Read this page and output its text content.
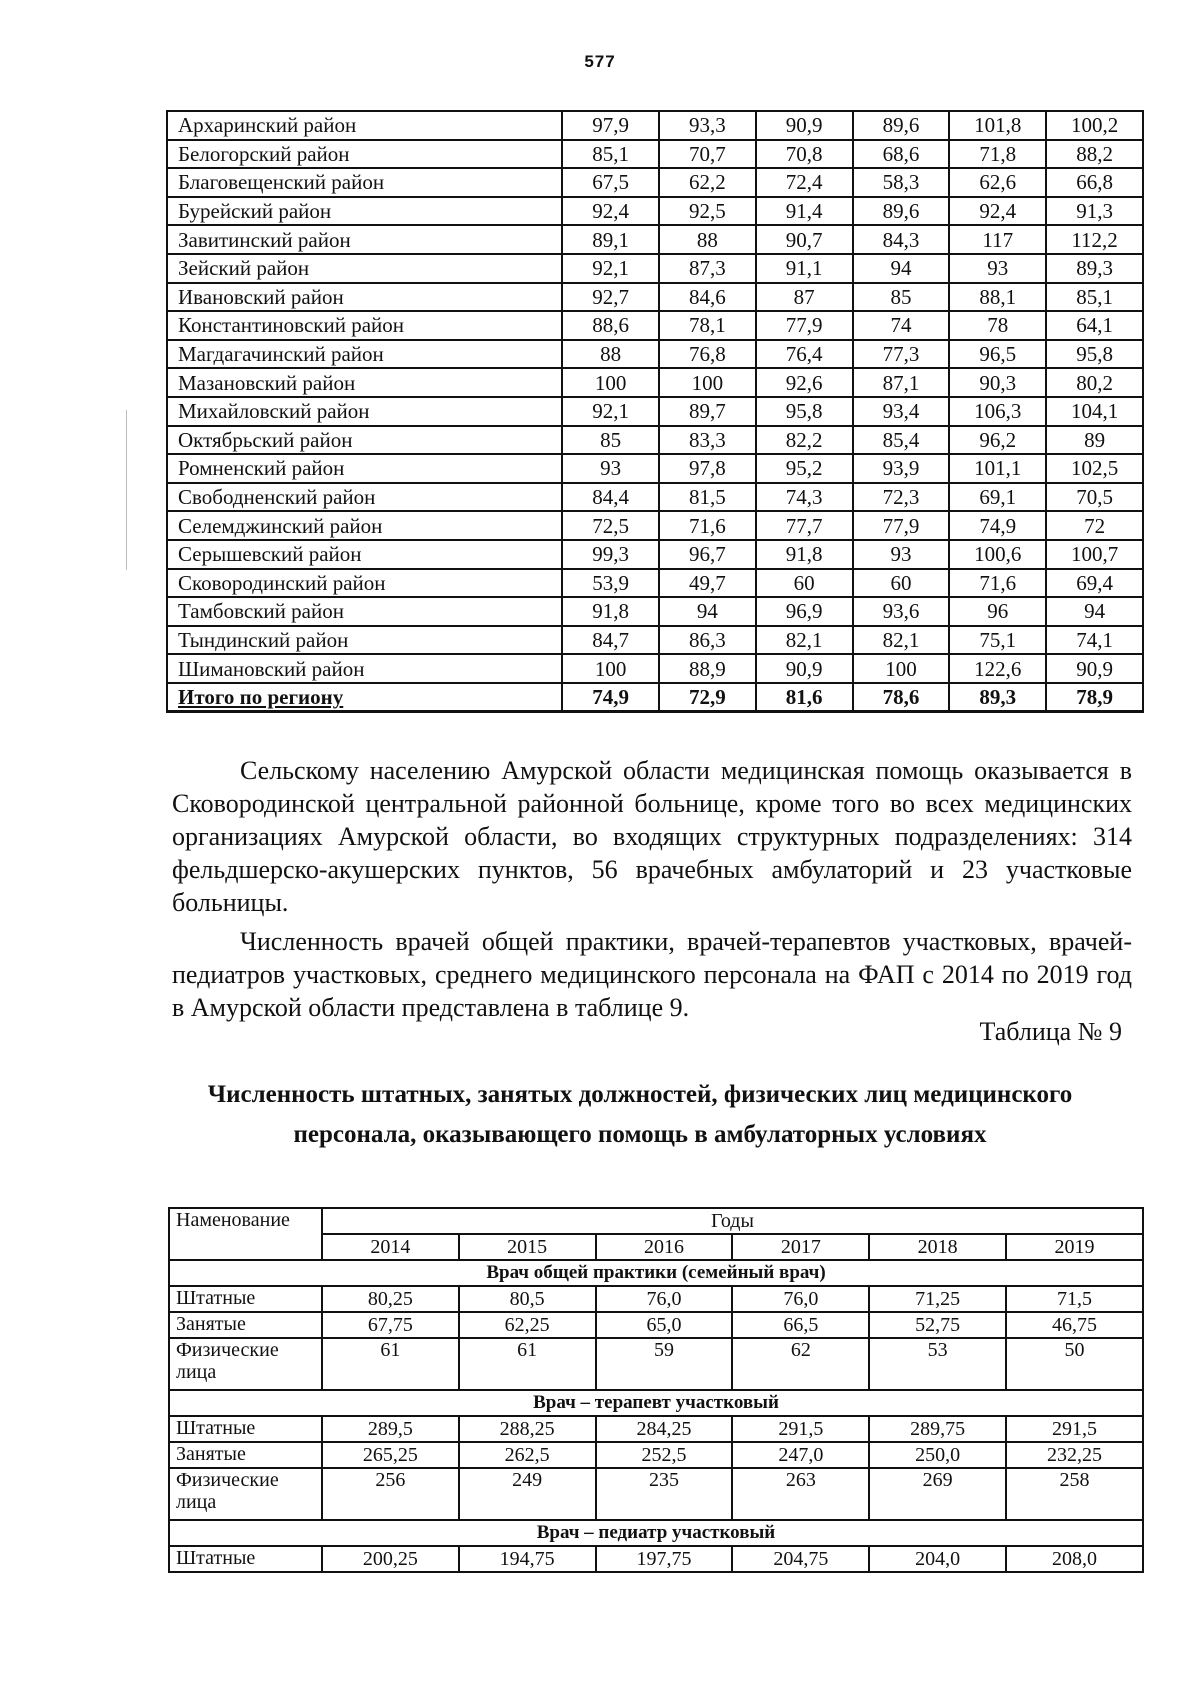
577
Архаринский район	97,9	93,3	90,9	89,6	101,8	100,2
Белогорский район	85,1	70,7	70,8	68,6	71,8	88,2
Благовещенский район	67,5	62,2	72,4	58,3	62,6	66,8
Бурейский район	92,4	92,5	91,4	89,6	92,4	91,3
Завитинский район	89,1	88	90,7	84,3	117	112,2
Зейский район	92,1	87,3	91,1	94	93	89,3
Ивановский район	92,7	84,6	87	85	88,1	85,1
Константиновский район	88,6	78,1	77,9	74	78	64,1
Магдагачинский район	88	76,8	76,4	77,3	96,5	95,8
Мазановский район	100	100	92,6	87,1	90,3	80,2
Михайловский район	92,1	89,7	95,8	93,4	106,3	104,1
Октябрьский район	85	83,3	82,2	85,4	96,2	89
Ромненский район	93	97,8	95,2	93,9	101,1	102,5
Свободненский район	84,4	81,5	74,3	72,3	69,1	70,5
Селемджинский район	72,5	71,6	77,7	77,9	74,9	72
Серышевский район	99,3	96,7	91,8	93	100,6	100,7
Сковородинский район	53,9	49,7	60	60	71,6	69,4
Тамбовский район	91,8	94	96,9	93,6	96	94
Тындинский район	84,7	86,3	82,1	82,1	75,1	74,1
Шимановский район	100	88,9	90,9	100	122,6	90,9
Итого по региону	74,9	72,9	81,6	78,6	89,3	78,9

Сельскому населению Амурской области медицинская помощь оказывается в Сковородинской центральной районной больнице, кроме того во всех медицинских организациях Амурской области, во входящих структурных подразделениях: 314 фельдшерско-акушерских пунктов, 56 врачебных амбулаторий и 23 участковые больницы.

Численность врачей общей практики, врачей-терапевтов участковых, врачей-педиатров участковых, среднего медицинского персонала на ФАП с 2014 по 2019 год в Амурской области представлена в таблице 9.

Таблица № 9

Численность штатных, занятых должностей, физических лиц медицинского персонала, оказывающего помощь в амбулаторных условиях

Наменование	Годы					
	2014	2015	2016	2017	2018	2019
Врач общей практики (семейный врач)						
Штатные	80,25	80,5	76,0	76,0	71,25	71,5
Занятые	67,75	62,25	65,0	66,5	52,75	46,75
Физические лица	61	61	59	62	53	50
Врач – терапевт участковый						
Штатные	289,5	288,25	284,25	291,5	289,75	291,5
Занятые	265,25	262,5	252,5	247,0	250,0	232,25
Физические лица	256	249	235	263	269	258
Врач – педиатр участковый						
Штатные	200,25	194,75	197,75	204,75	204,0	208,0
